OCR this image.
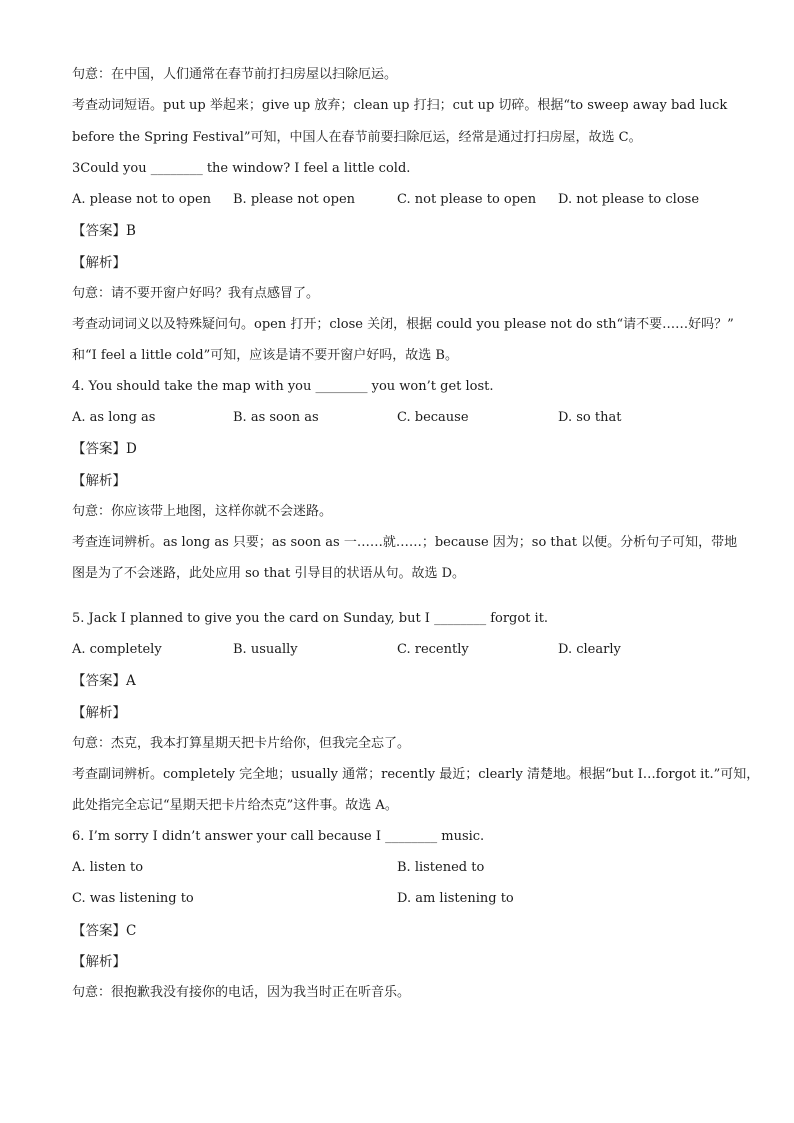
句意：在中国，人们通常在春节前打扫房屋以扫除厄运。
考查动词短语。put up 举起来；give up 放弃；clean up 打扫；cut up 切碎。根据“to sweep away bad luck
before the Spring Festival”可知，中国人在春节前要扫除厄运，经常是通过打扫房屋，故选 C。
3Could you ________ the window? I feel a little cold.
A. please not to open B. please not open	C. not please to open D. not please to close
【答案】B
【解析】
句意：请不要开窗户好吗？我有点感冒了。
考查动词词义以及特殊疑问句。open 打开；close 关闭，根据 could you please not do sth“请不要……好吗？”
和“I feel a little cold”可知，应该是请不要开窗户好吗，故选 B。
4. You should take the map with you ________ you won’t get lost.
A. as long as	B. as soon as	C. because	D. so that
【答案】D
【解析】
句意：你应该带上地图，这样你就不会迷路。
考查连词辨析。as long as 只要；as soon as 一……就……；because 因为；so that 以便。分析句子可知，带地
图是为了不会迷路，此处应用 so that 引导目的状语从句。故选 D。
5. Jack I planned to give you the card on Sunday, but I ________ forgot it.
A. completely	B. usually	C. recently	D. clearly
【答案】A
【解析】
句意：杰克，我本打算星期天把卡片给你，但我完全忘了。
考查副词辨析。completely 完全地；usually 通常；recently 最近；clearly 清楚地。根据“but I…forgot it.”可知，
此处指完全忘记“星期天把卡片给杰克”这件事。故选 A。
6. I’m sorry I didn’t answer your call because I ________ music.
A. listen to	B. listened to
C. was listening to	D. am listening to
【答案】C
【解析】
句意：很抱歉我没有接你的电话，因为我当时正在听音乐。
